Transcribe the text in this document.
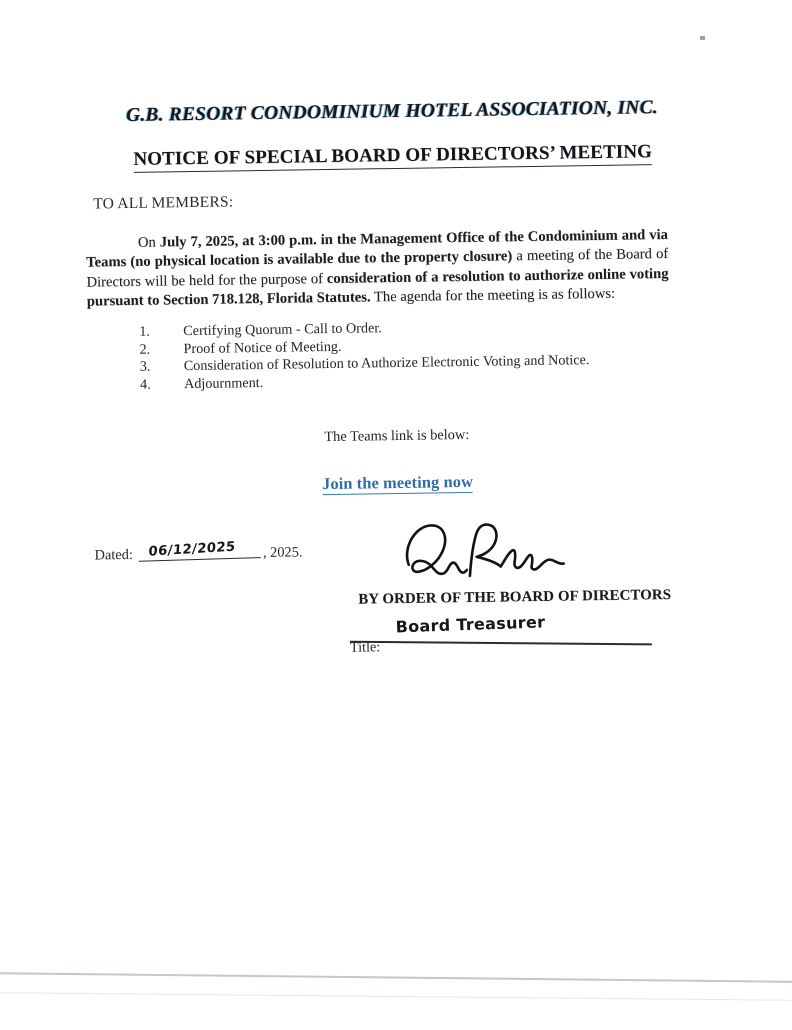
G.B. RESORT CONDOMINIUM HOTEL ASSOCIATION, INC.
NOTICE OF SPECIAL BOARD OF DIRECTORS’ MEETING
TO ALL MEMBERS:
On July 7, 2025, at 3:00 p.m. in the Management Office of the Condominium and via Teams (no physical location is available due to the property closure) a meeting of the Board of Directors will be held for the purpose of consideration of a resolution to authorize online voting pursuant to Section 718.128, Florida Statutes. The agenda for the meeting is as follows:
1.	Certifying Quorum - Call to Order.
2.	Proof of Notice of Meeting.
3.	Consideration of Resolution to Authorize Electronic Voting and Notice.
4.	Adjournment.
The Teams link is below:
Join the meeting now
Dated: 06/12/2025 , 2025.
BY ORDER OF THE BOARD OF DIRECTORS
Board Treasurer
Title:
